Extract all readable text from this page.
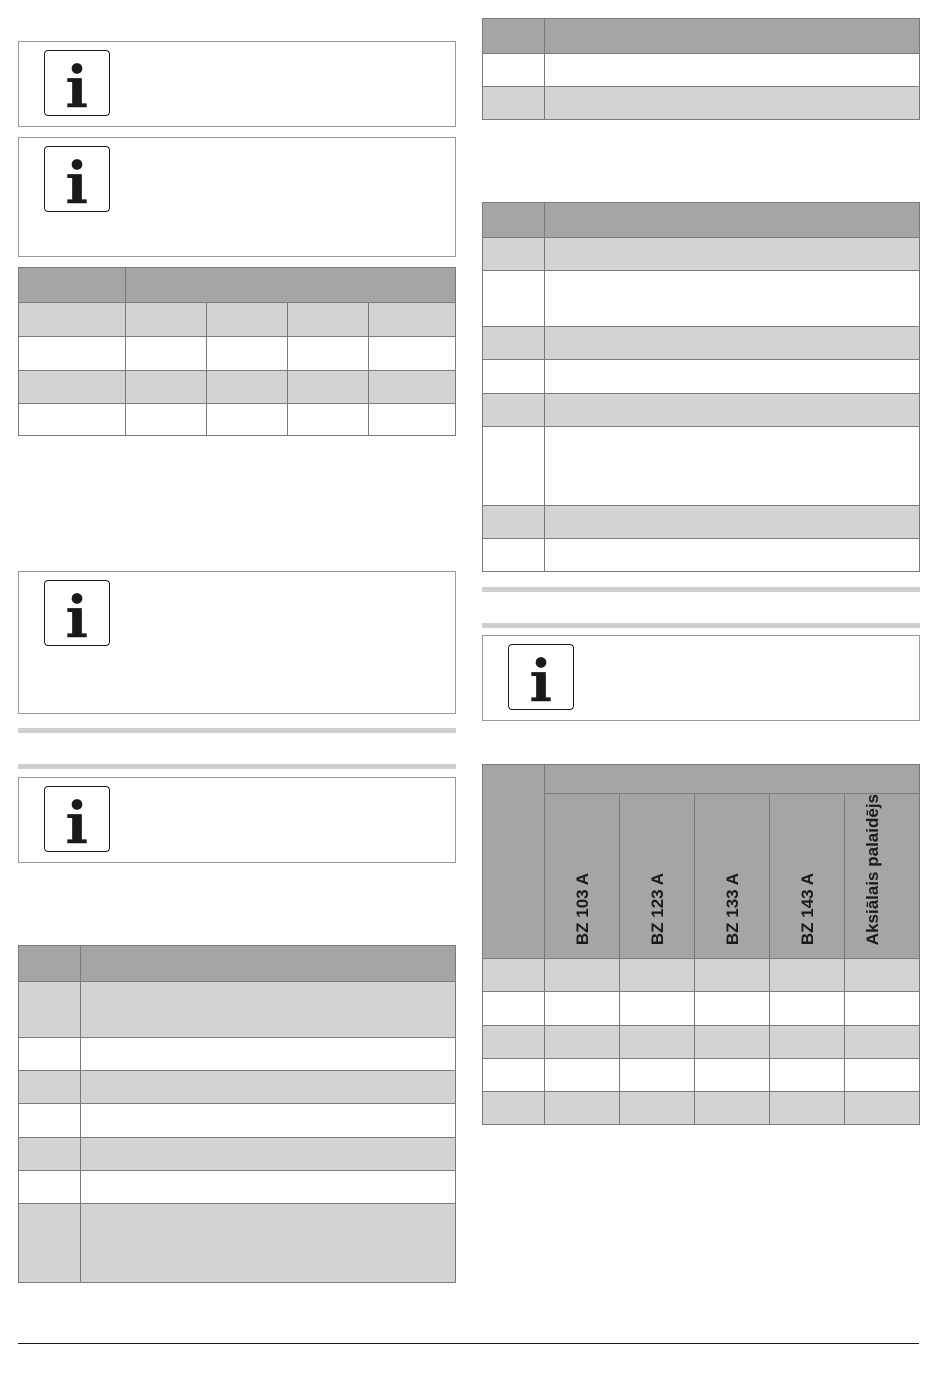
	BZ 103 A	BZ 123 A	BZ 133 A	BZ 143 A	Aksiālais palaidējs
